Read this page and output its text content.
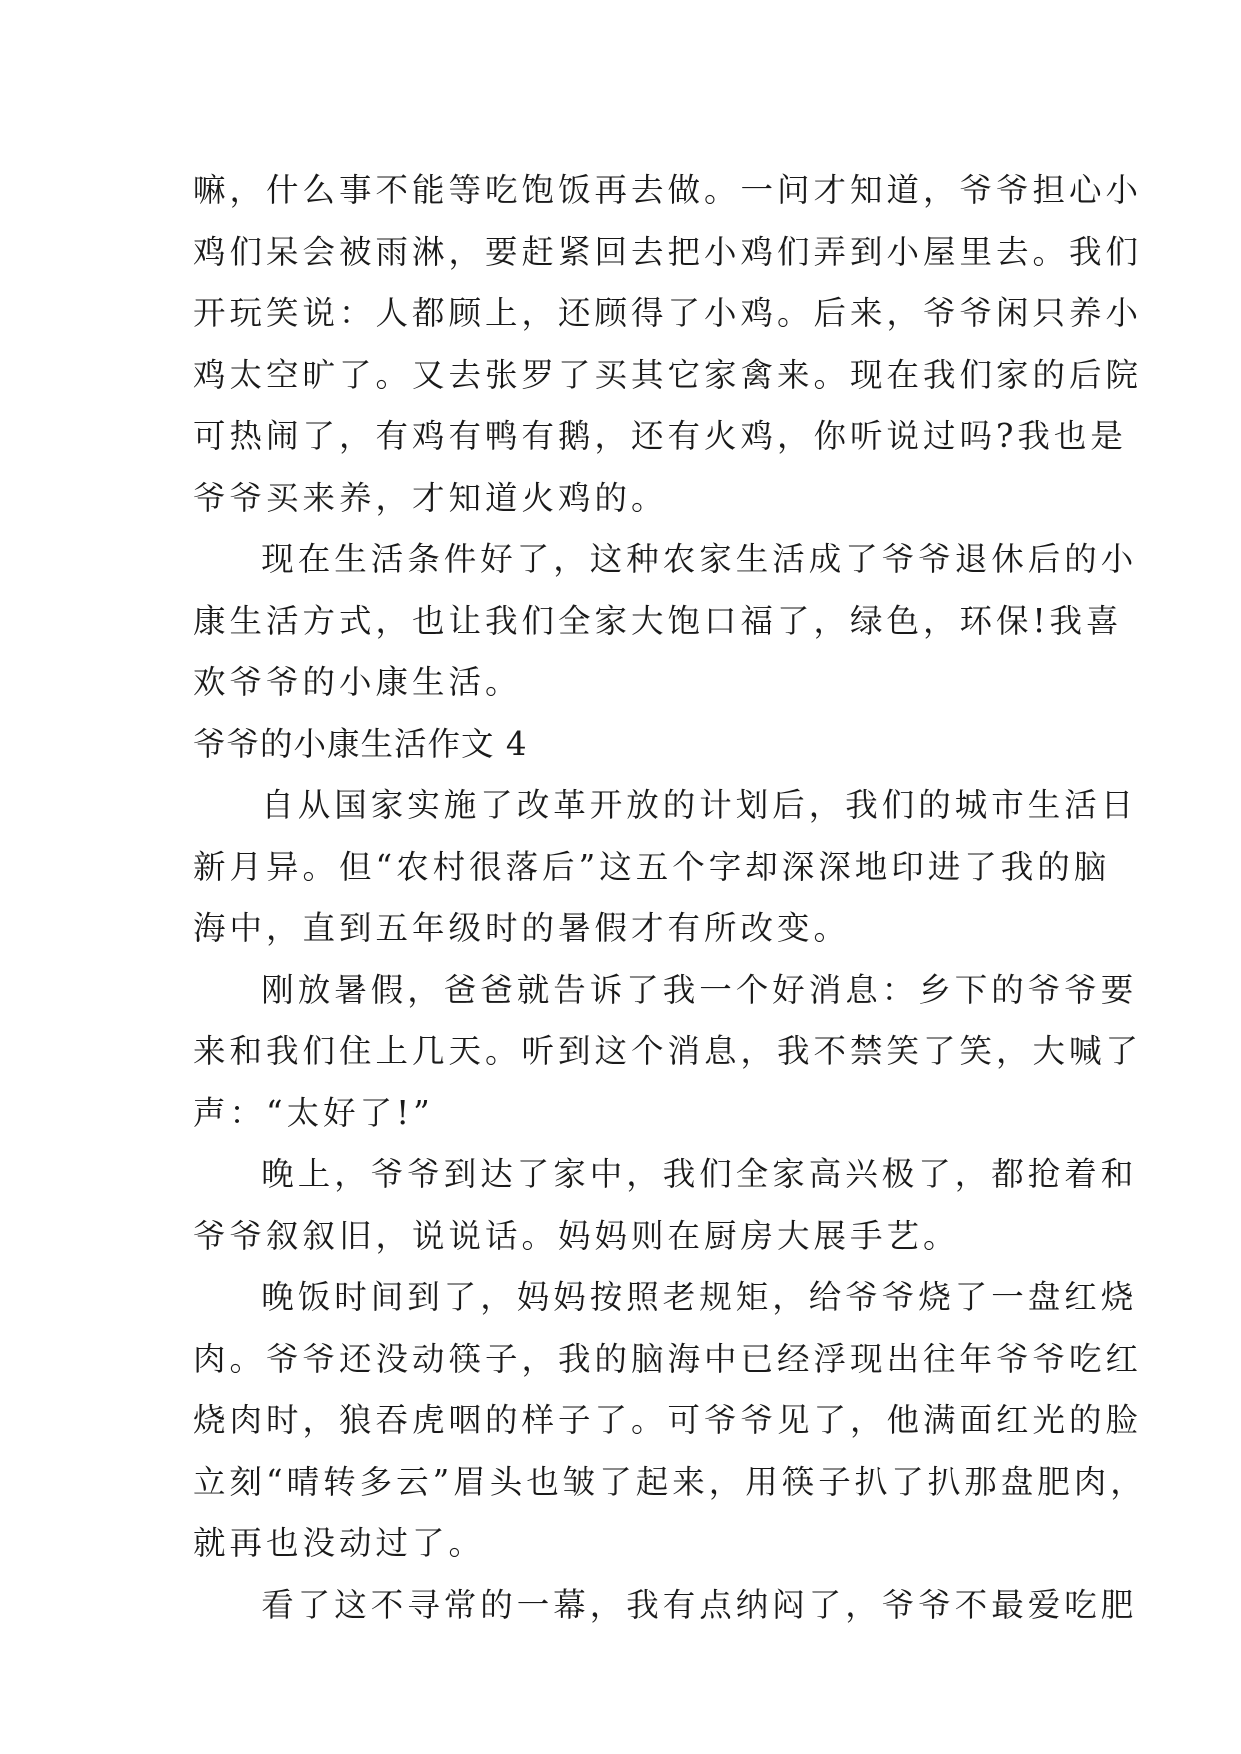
嘛，什么事不能等吃饱饭再去做。一问才知道，爷爷担心小
鸡们呆会被雨淋，要赶紧回去把小鸡们弄到小屋里去。我们
开玩笑说：人都顾上，还顾得了小鸡。后来，爷爷闲只养小
鸡太空旷了。又去张罗了买其它家禽来。现在我们家的后院
可热闹了，有鸡有鸭有鹅，还有火鸡，你听说过吗?我也是
爷爷买来养，才知道火鸡的。
现在生活条件好了，这种农家生活成了爷爷退休后的小
康生活方式，也让我们全家大饱口福了，绿色，环保!我喜
欢爷爷的小康生活。
爷爷的小康生活作文 4
自从国家实施了改革开放的计划后，我们的城市生活日
新月异。但“农村很落后”这五个字却深深地印进了我的脑
海中，直到五年级时的暑假才有所改变。
刚放暑假，爸爸就告诉了我一个好消息：乡下的爷爷要
来和我们住上几天。听到这个消息，我不禁笑了笑，大喊了
声：“太好了!”
晚上，爷爷到达了家中，我们全家高兴极了，都抢着和
爷爷叙叙旧，说说话。妈妈则在厨房大展手艺。
晚饭时间到了，妈妈按照老规矩，给爷爷烧了一盘红烧
肉。爷爷还没动筷子，我的脑海中已经浮现出往年爷爷吃红
烧肉时，狼吞虎咽的样子了。可爷爷见了，他满面红光的脸
立刻“晴转多云”眉头也皱了起来，用筷子扒了扒那盘肥肉，
就再也没动过了。
看了这不寻常的一幕，我有点纳闷了，爷爷不最爱吃肥
